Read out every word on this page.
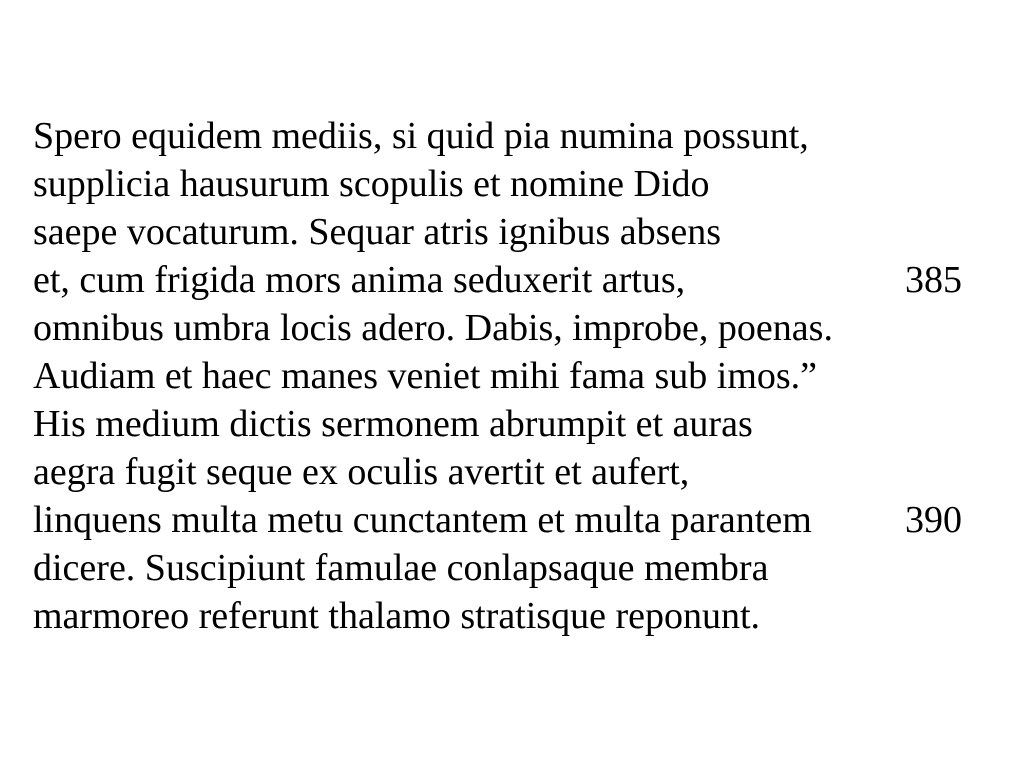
Spero equidem mediis, si quid pia numina possunt,
supplicia hausurum scopulis et nomine Dido
saepe vocaturum. Sequar atris ignibus absens
et, cum frigida mors anima seduxerit artus,	385
omnibus umbra locis adero. Dabis, improbe, poenas.
Audiam et haec manes veniet mihi fama sub imos.”
His medium dictis sermonem abrumpit et auras
aegra fugit seque ex oculis avertit et aufert,
linquens multa metu cunctantem et multa parantem 390
dicere. Suscipiunt famulae conlapsaque membra
marmoreo referunt thalamo stratisque reponunt.
